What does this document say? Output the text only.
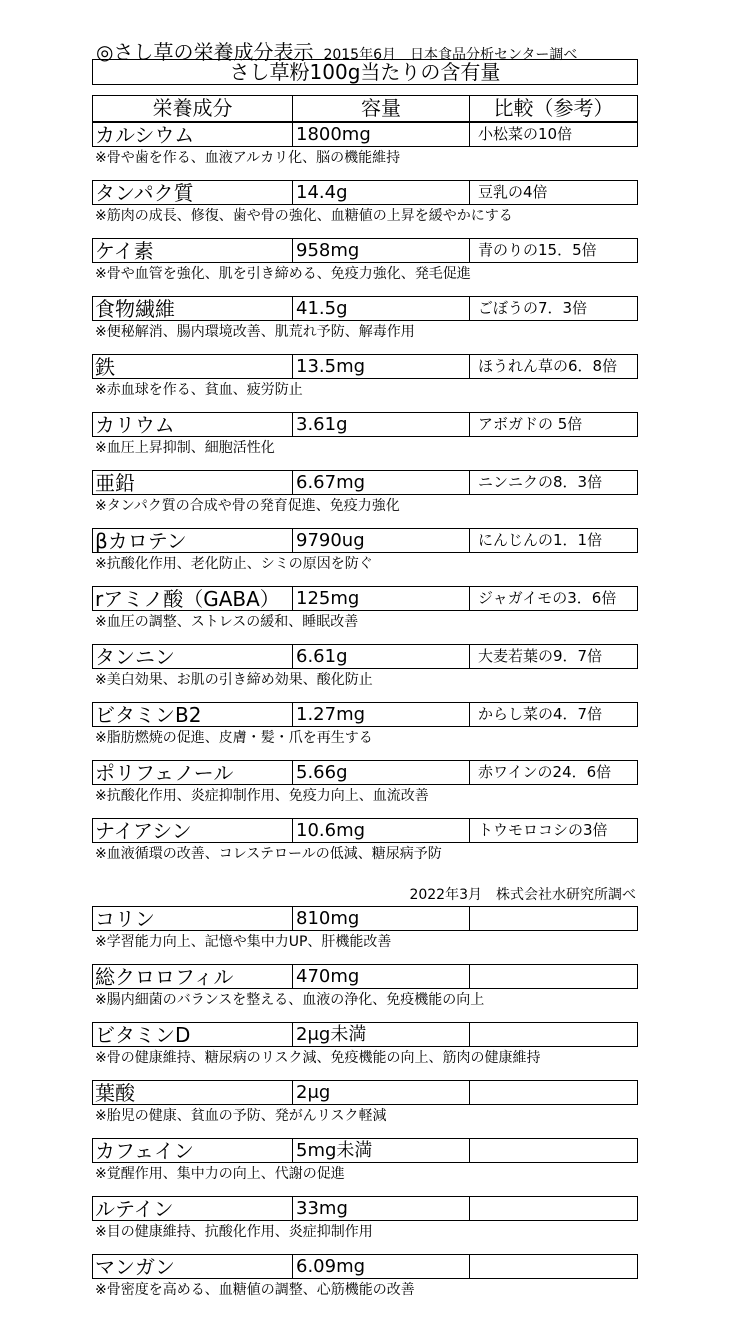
◎さし草の栄養成分表示 2015年6月　日本食品分析センター調べ
さし草粉100g当たりの含有量
栄養成分	容量	比較（参考）
カルシウム	1800mg	小松菜の10倍
※骨や歯を作る、血液アルカリ化、脳の機能維持
タンパク質	14.4g	豆乳の4倍
※筋肉の成長、修復、歯や骨の強化、血糖値の上昇を緩やかにする
ケイ素	958mg	青のりの15．5倍
※骨や血管を強化、肌を引き締める、免疫力強化、発毛促進
食物繊維	41.5g	ごぼうの7．3倍
※便秘解消、腸内環境改善、肌荒れ予防、解毒作用
鉄	13.5mg	ほうれん草の6．8倍
※赤血球を作る、貧血、疲労防止
カリウム	3.61g	アボガドの 5倍
※血圧上昇抑制、細胞活性化
亜鉛	6.67mg	ニンニクの8．3倍
※タンパク質の合成や骨の発育促進、免疫力強化
βカロテン	9790ug	にんじんの1．1倍
※抗酸化作用、老化防止、シミの原因を防ぐ
rアミノ酸（GABA） 125mg	ジャガイモの3．6倍
※血圧の調整、ストレスの緩和、睡眠改善
タンニン	6.61g	大麦若葉の9．7倍
※美白効果、お肌の引き締め効果、酸化防止
ビタミンB2	1.27mg	からし菜の4．7倍
※脂肪燃焼の促進、皮膚・髪・爪を再生する
ポリフェノール	5.66g	赤ワインの24．6倍
※抗酸化作用、炎症抑制作用、免疫力向上、血流改善
ナイアシン	10.6mg	トウモロコシの3倍
※血液循環の改善、コレステロールの低減、糖尿病予防
2022年3月　株式会社水研究所調べ
コリン	810mg
※学習能力向上、記憶や集中力UP、肝機能改善
総クロロフィル	470mg
※腸内細菌のバランスを整える、血液の浄化、免疫機能の向上
ビタミンD	2μg未満
※骨の健康維持、糖尿病のリスク減、免疫機能の向上、筋肉の健康維持
葉酸	2μg
※胎児の健康、貧血の予防、発がんリスク軽減
カフェイン	5mg未満
※覚醒作用、集中力の向上、代謝の促進
ルテイン	33mg
※目の健康維持、抗酸化作用、炎症抑制作用
マンガン	6.09mg
※骨密度を高める、血糖値の調整、心筋機能の改善
